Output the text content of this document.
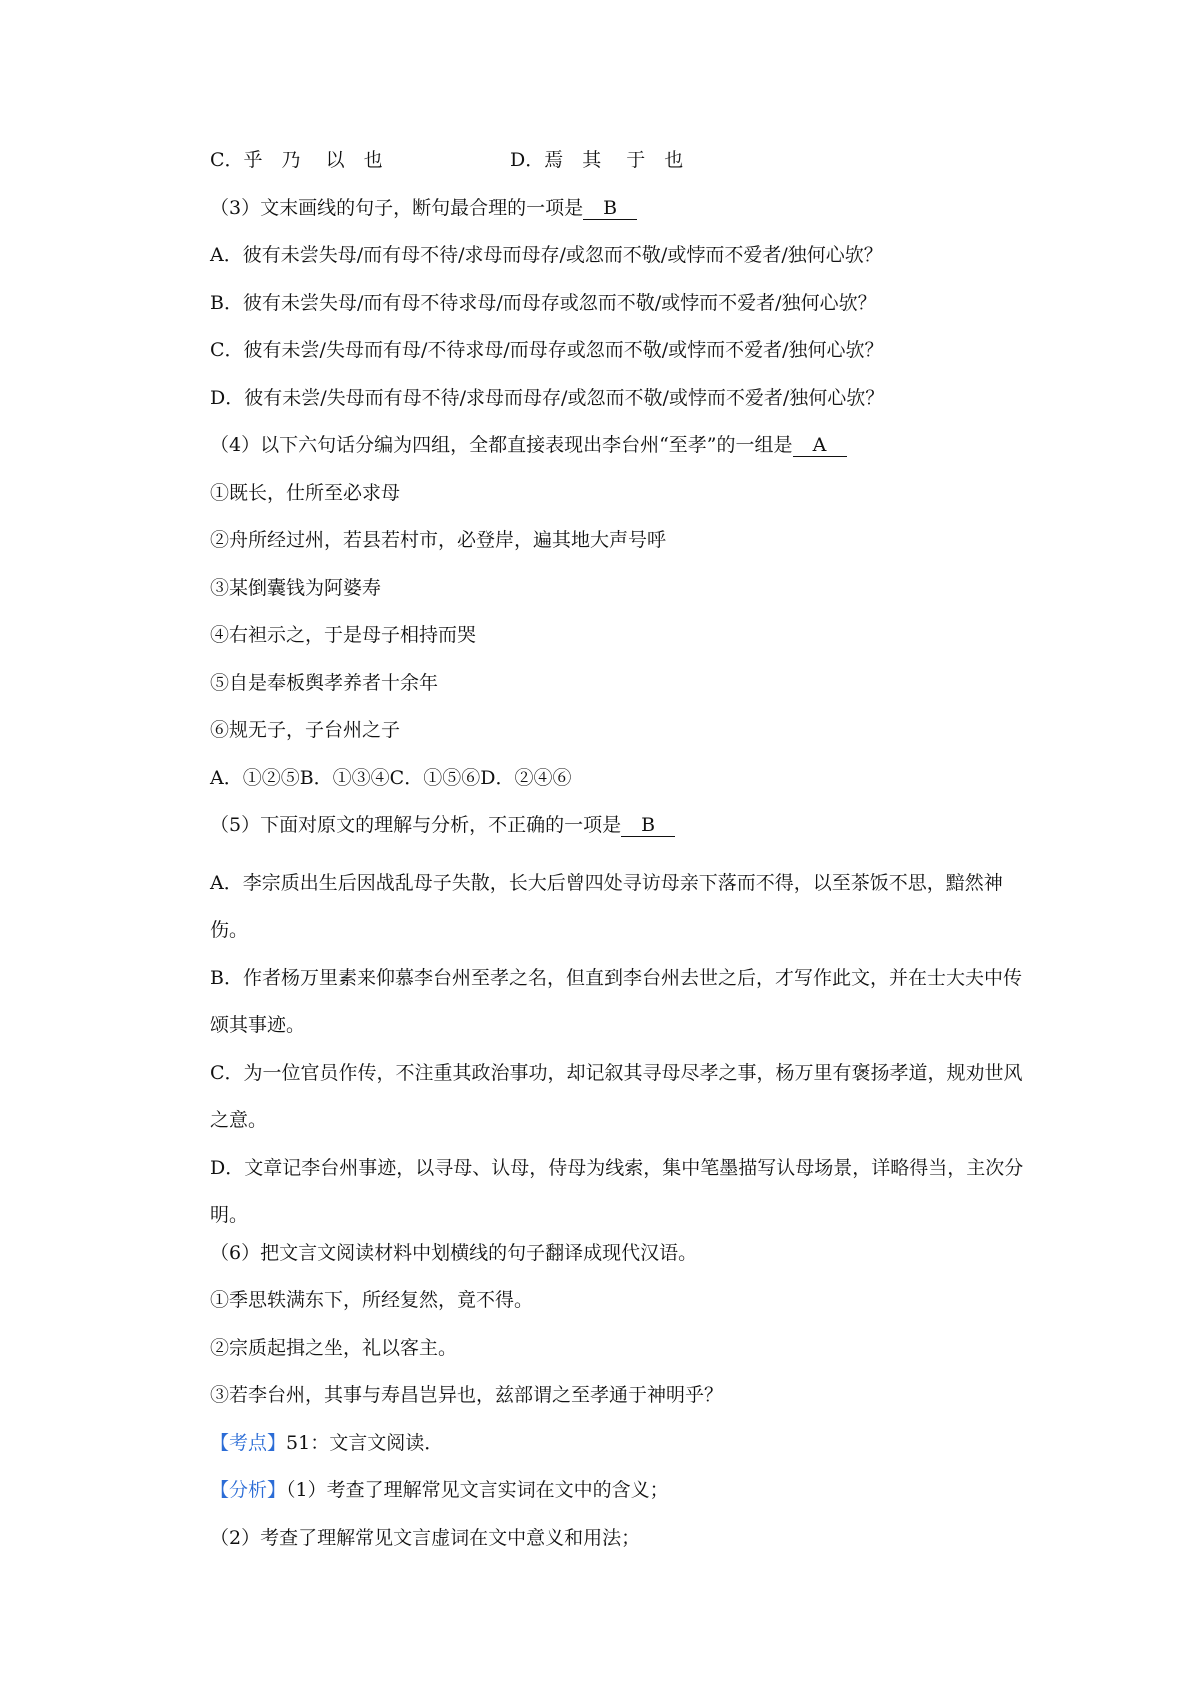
C．乎　乃　 以　也	D．焉　其　 于　也
（3）文末画线的句子，断句最合理的一项是 B
A．彼有未尝失母/而有母不待/求母而母存/或忽而不敬/或悖而不爱者/独何心欤？
B．彼有未尝失母/而有母不待求母/而母存或忽而不敬/或悖而不爱者/独何心欤？
C．彼有未尝/失母而有母/不待求母/而母存或忽而不敬/或悖而不爱者/独何心欤？
D．彼有未尝/失母而有母不待/求母而母存/或忽而不敬/或悖而不爱者/独何心欤？
（4）以下六句话分编为四组，全都直接表现出李台州“至孝”的一组是 A
①既长，仕所至必求母
②舟所经过州，若县若村市，必登岸，遍其地大声号呼
③某倒囊钱为阿婆寿
④右袒示之，于是母子相持而哭
⑤自是奉板舆孝养者十余年
⑥规无子，子台州之子
A．①②⑤B．①③④C．①⑤⑥D．②④⑥
（5）下面对原文的理解与分析，不正确的一项是 B
A．李宗质出生后因战乱母子失散，长大后曾四处寻访母亲下落而不得，以至茶饭不思，黯然神伤。
B．作者杨万里素来仰慕李台州至孝之名，但直到李台州去世之后，才写作此文，并在士大夫中传颂其事迹。
C．为一位官员作传，不注重其政治事功，却记叙其寻母尽孝之事，杨万里有褒扬孝道，规劝世风之意。
D．文章记李台州事迹，以寻母、认母，侍母为线索，集中笔墨描写认母场景，详略得当，主次分明。
（6）把文言文阅读材料中划横线的句子翻译成现代汉语。
①季思轶满东下，所经复然，竟不得。
②宗质起揖之坐，礼以客主。
③若李台州，其事与寿昌岂异也，兹部谓之至孝通于神明乎？
【考点】51：文言文阅读．
【分析】（1）考查了理解常见文言实词在文中的含义；
（2）考查了理解常见文言虚词在文中意义和用法；
